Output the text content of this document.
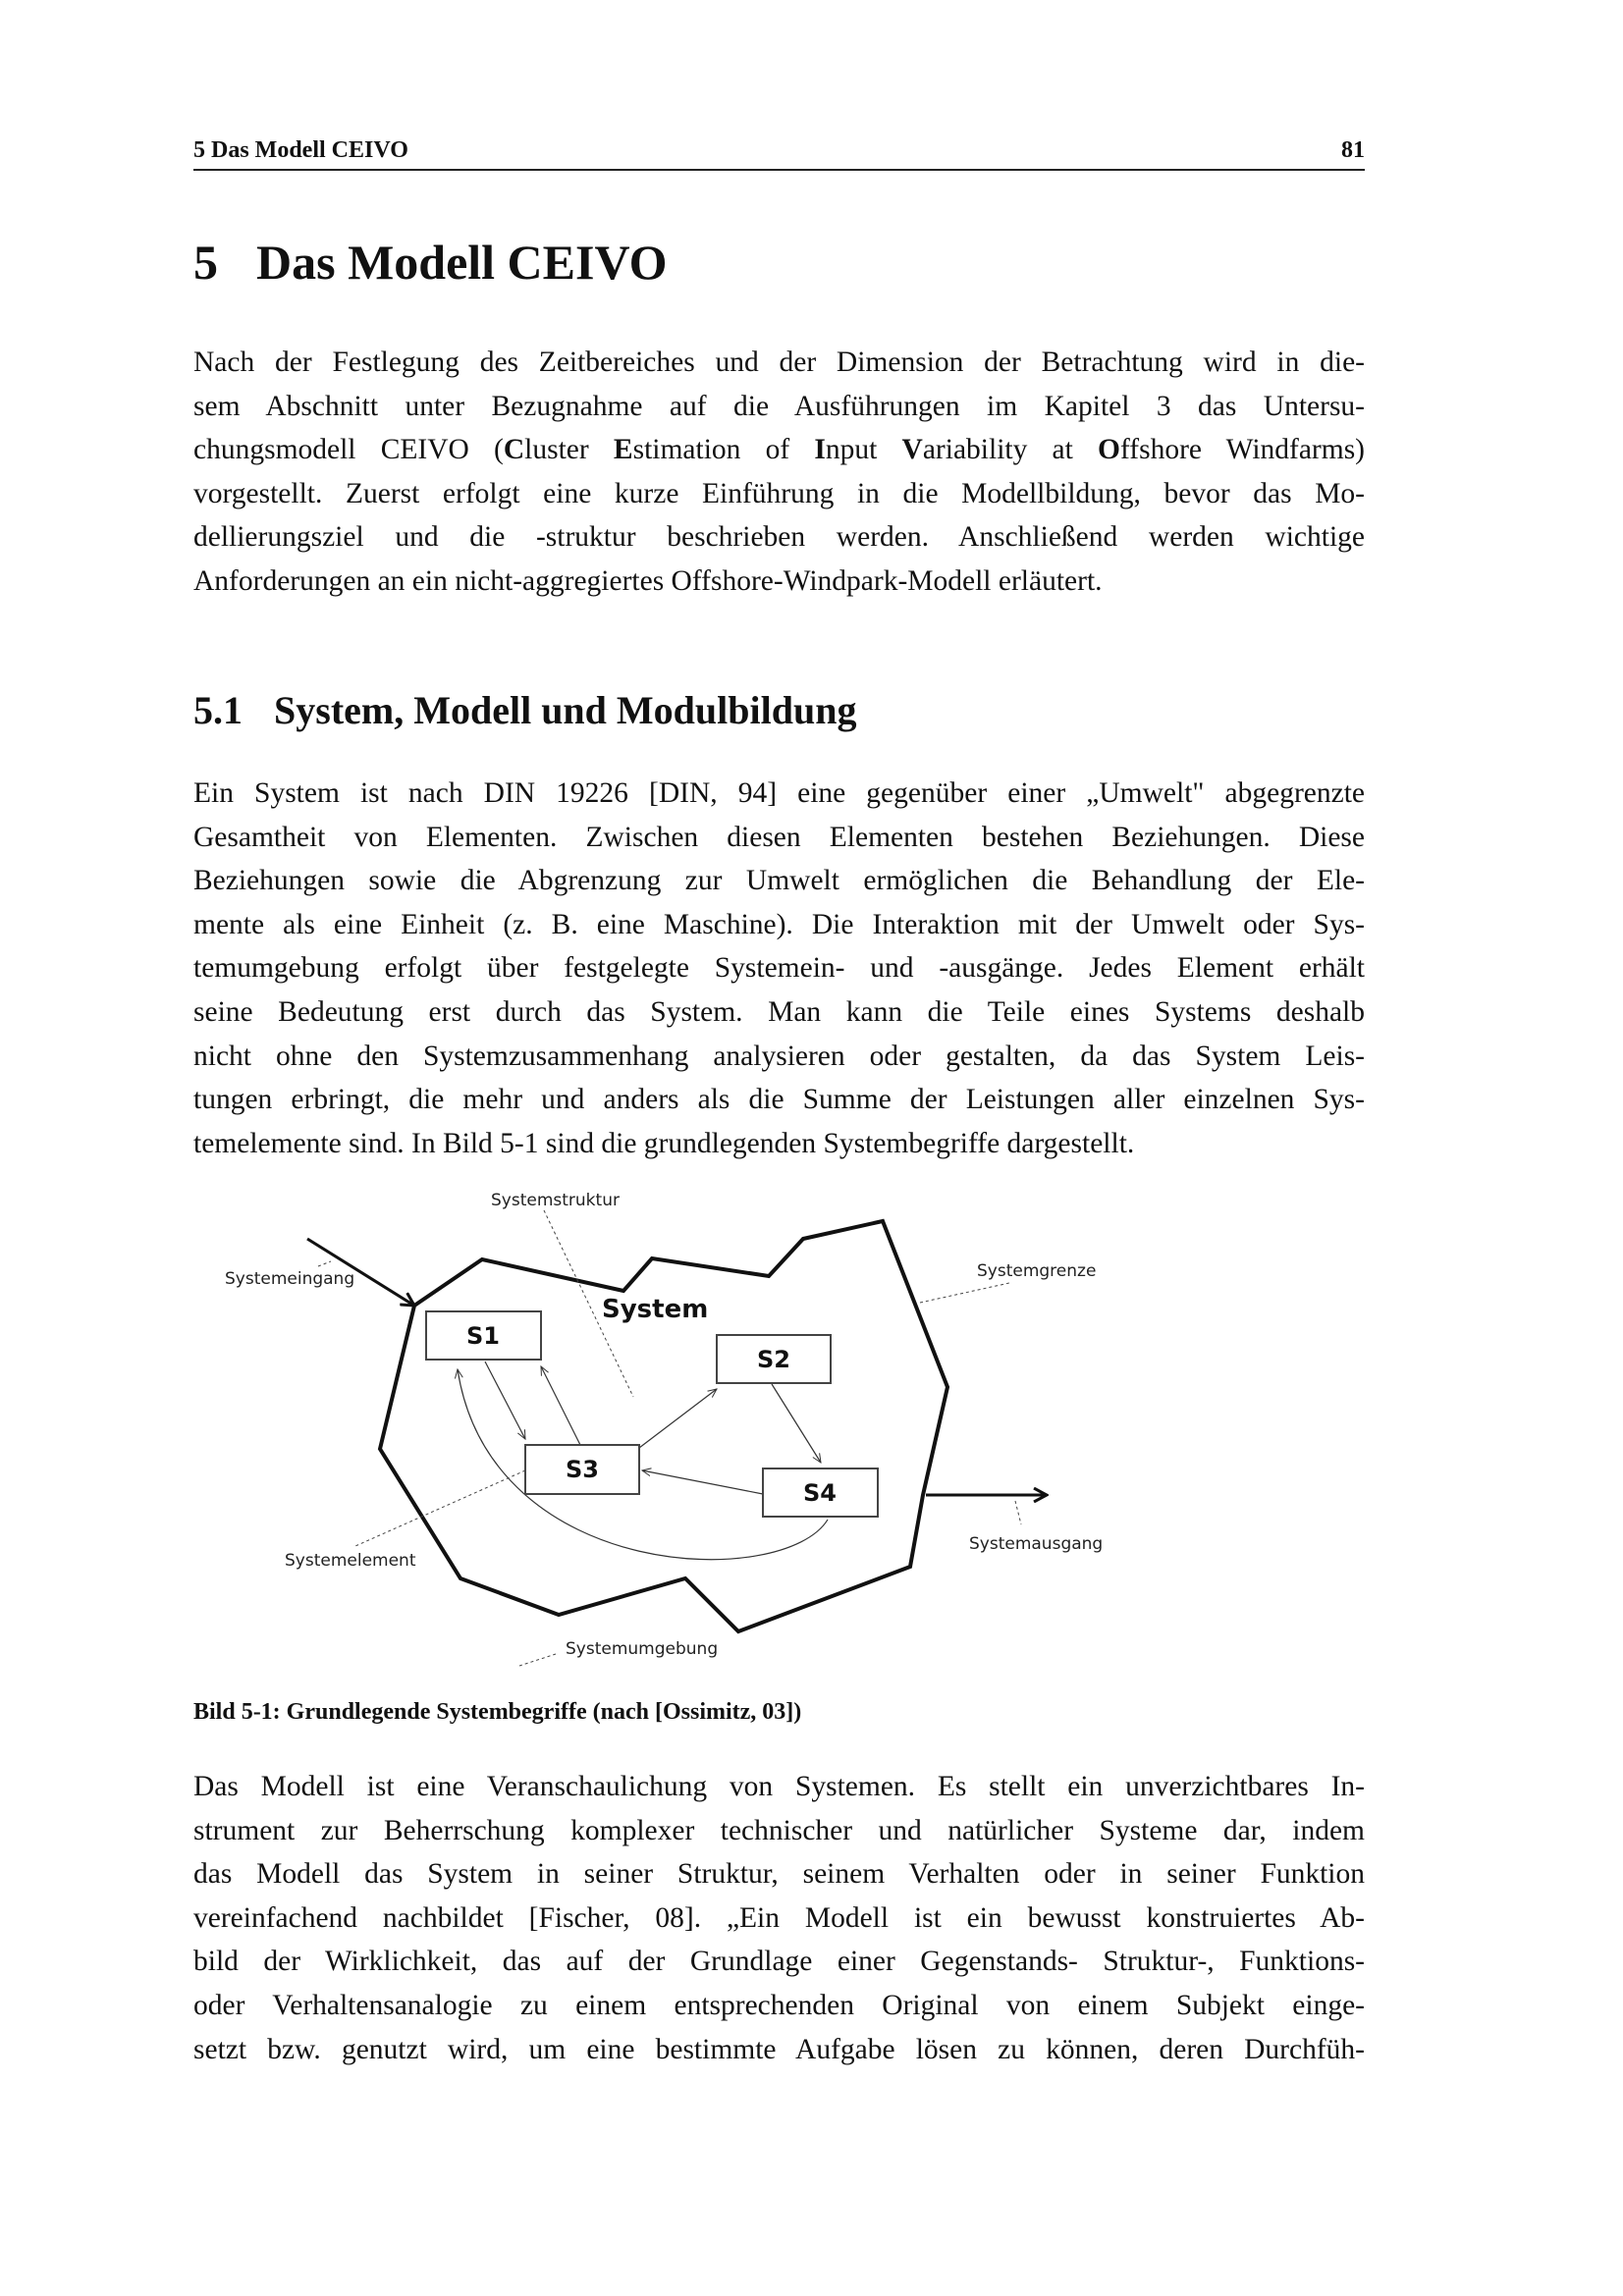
5 Das Modell CEIVO	81
5 Das Modell CEIVO
Nach der Festlegung des Zeitbereiches und der Dimension der Betrachtung wird in die-
sem Abschnitt unter Bezugnahme auf die Ausführungen im Kapitel 3 das Untersu-
chungsmodell CEIVO (Cluster Estimation of Input Variability at Offshore Windfarms)
vorgestellt. Zuerst erfolgt eine kurze Einführung in die Modellbildung, bevor das Mo-
dellierungsziel und die -struktur beschrieben werden. Anschließend werden wichtige
Anforderungen an ein nicht-aggregiertes Offshore-Windpark-Modell erläutert.
5.1 System, Modell und Modulbildung
Ein System ist nach DIN 19226 [DIN, 94] eine gegenüber einer „Umwelt" abgegrenzte
Gesamtheit von Elementen. Zwischen diesen Elementen bestehen Beziehungen. Diese
Beziehungen sowie die Abgrenzung zur Umwelt ermöglichen die Behandlung der Ele-
mente als eine Einheit (z. B. eine Maschine). Die Interaktion mit der Umwelt oder Sys-
temumgebung erfolgt über festgelegte Systemein- und -ausgänge. Jedes Element erhält
seine Bedeutung erst durch das System. Man kann die Teile eines Systems deshalb
nicht ohne den Systemzusammenhang analysieren oder gestalten, da das System Leis-
tungen erbringt, die mehr und anders als die Summe der Leistungen aller einzelnen Sys-
temelemente sind. In Bild 5-1 sind die grundlegenden Systembegriffe dargestellt.
S1
S2
S3
S4
System
Systemstruktur
Systemeingang	Systemgrenze
Systemausgang
Systemelement
Systemumgebung
Bild 5-1: Grundlegende Systembegriffe (nach [Ossimitz, 03])
Das Modell ist eine Veranschaulichung von Systemen. Es stellt ein unverzichtbares In-
strument zur Beherrschung komplexer technischer und natürlicher Systeme dar, indem
das Modell das System in seiner Struktur, seinem Verhalten oder in seiner Funktion
vereinfachend nachbildet [Fischer, 08]. „Ein Modell ist ein bewusst konstruiertes Ab-
bild der Wirklichkeit, das auf der Grundlage einer Gegenstands- Struktur-, Funktions-
oder Verhaltensanalogie zu einem entsprechenden Original von einem Subjekt einge-
setzt bzw. genutzt wird, um eine bestimmte Aufgabe lösen zu können, deren Durchfüh-
